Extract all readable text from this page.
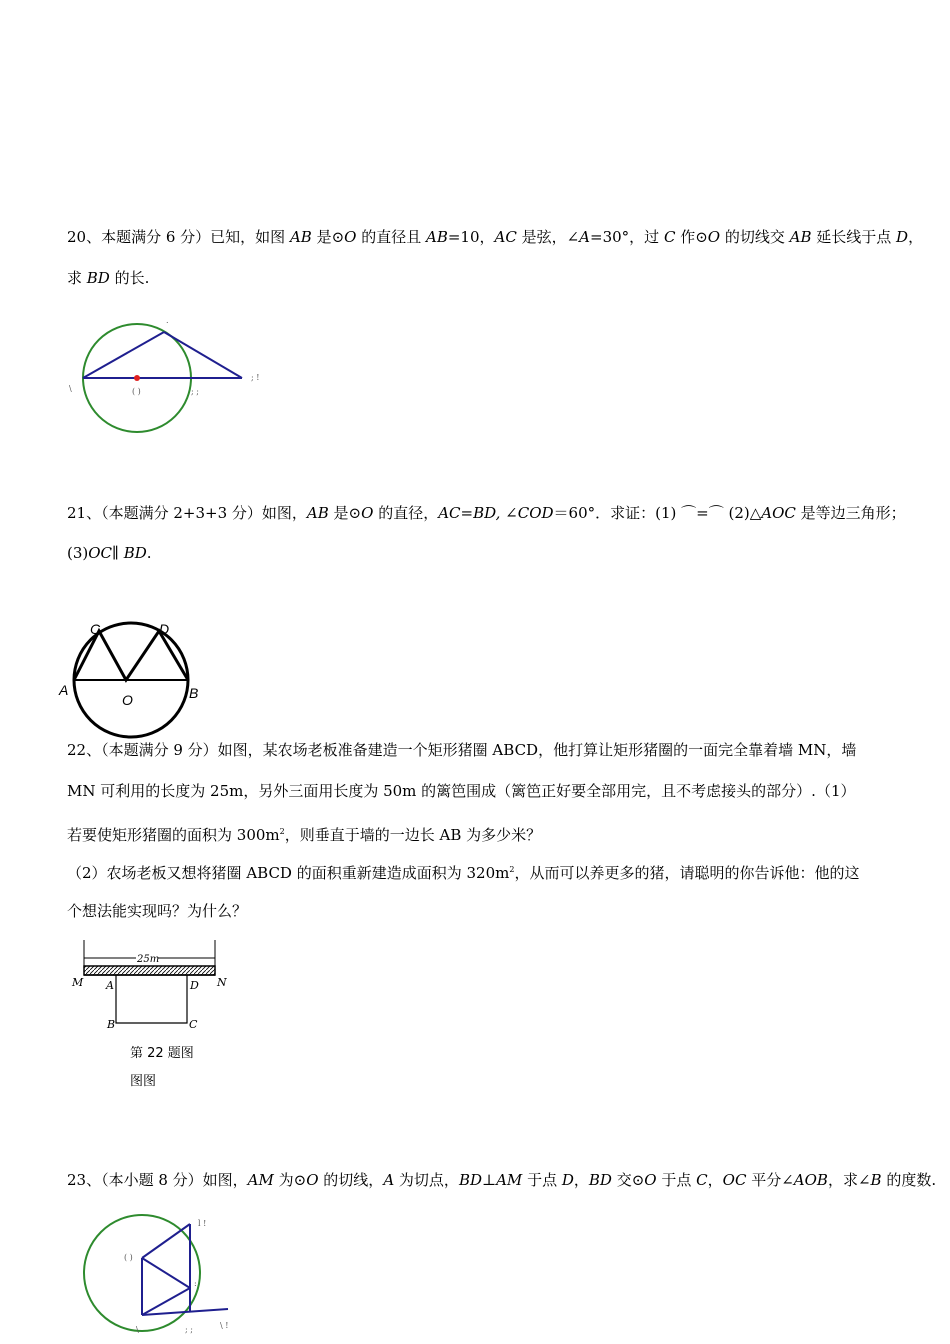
20、本题满分 6 分）已知，如图 AB 是⊙O 的直径且 AB=10，AC 是弦，∠A=30°，过 C 作⊙O 的切线交 AB 延长线于点 D，
求 BD 的长.
.
\	( )	; ;
; !
21、（本题满分 2+3+3 分）如图，AB 是⊙O 的直径，AC=BD, ∠COD＝60°．求证：(1) ⌒=⌒ (2)△AOC 是等边三角形；
(3)OC∥ BD.
A	B
C	D
O
22、（本题满分 9 分）如图，某农场老板准备建造一个矩形猪圈 ABCD，他打算让矩形猪圈的一面完全靠着墙 MN，墙
MN 可利用的长度为 25m，另外三面用长度为 50m 的篱笆围成（篱笆正好要全部用完，且不考虑接头的部分）.（1）
若要使矩形猪圈的面积为 $300m^2$，则垂直于墙的一边长 AB 为多少米？
（2）农场老板又想将猪圈 ABCD 的面积重新建造成面积为 $320m^2$，从而可以养更多的猪，请聪明的你告诉他：他的这
个想法能实现吗？为什么？
25m
M	N
A	D
B	C
第 22 题图
图图
23、（本小题 8 分）如图，AM 为⊙O 的切线，A 为切点，BD⊥AM 于点 D，BD 交⊙O 于点 C，OC 平分∠AOB，求∠B 的度数.
l !
( )
:
\	; ;	\ !
